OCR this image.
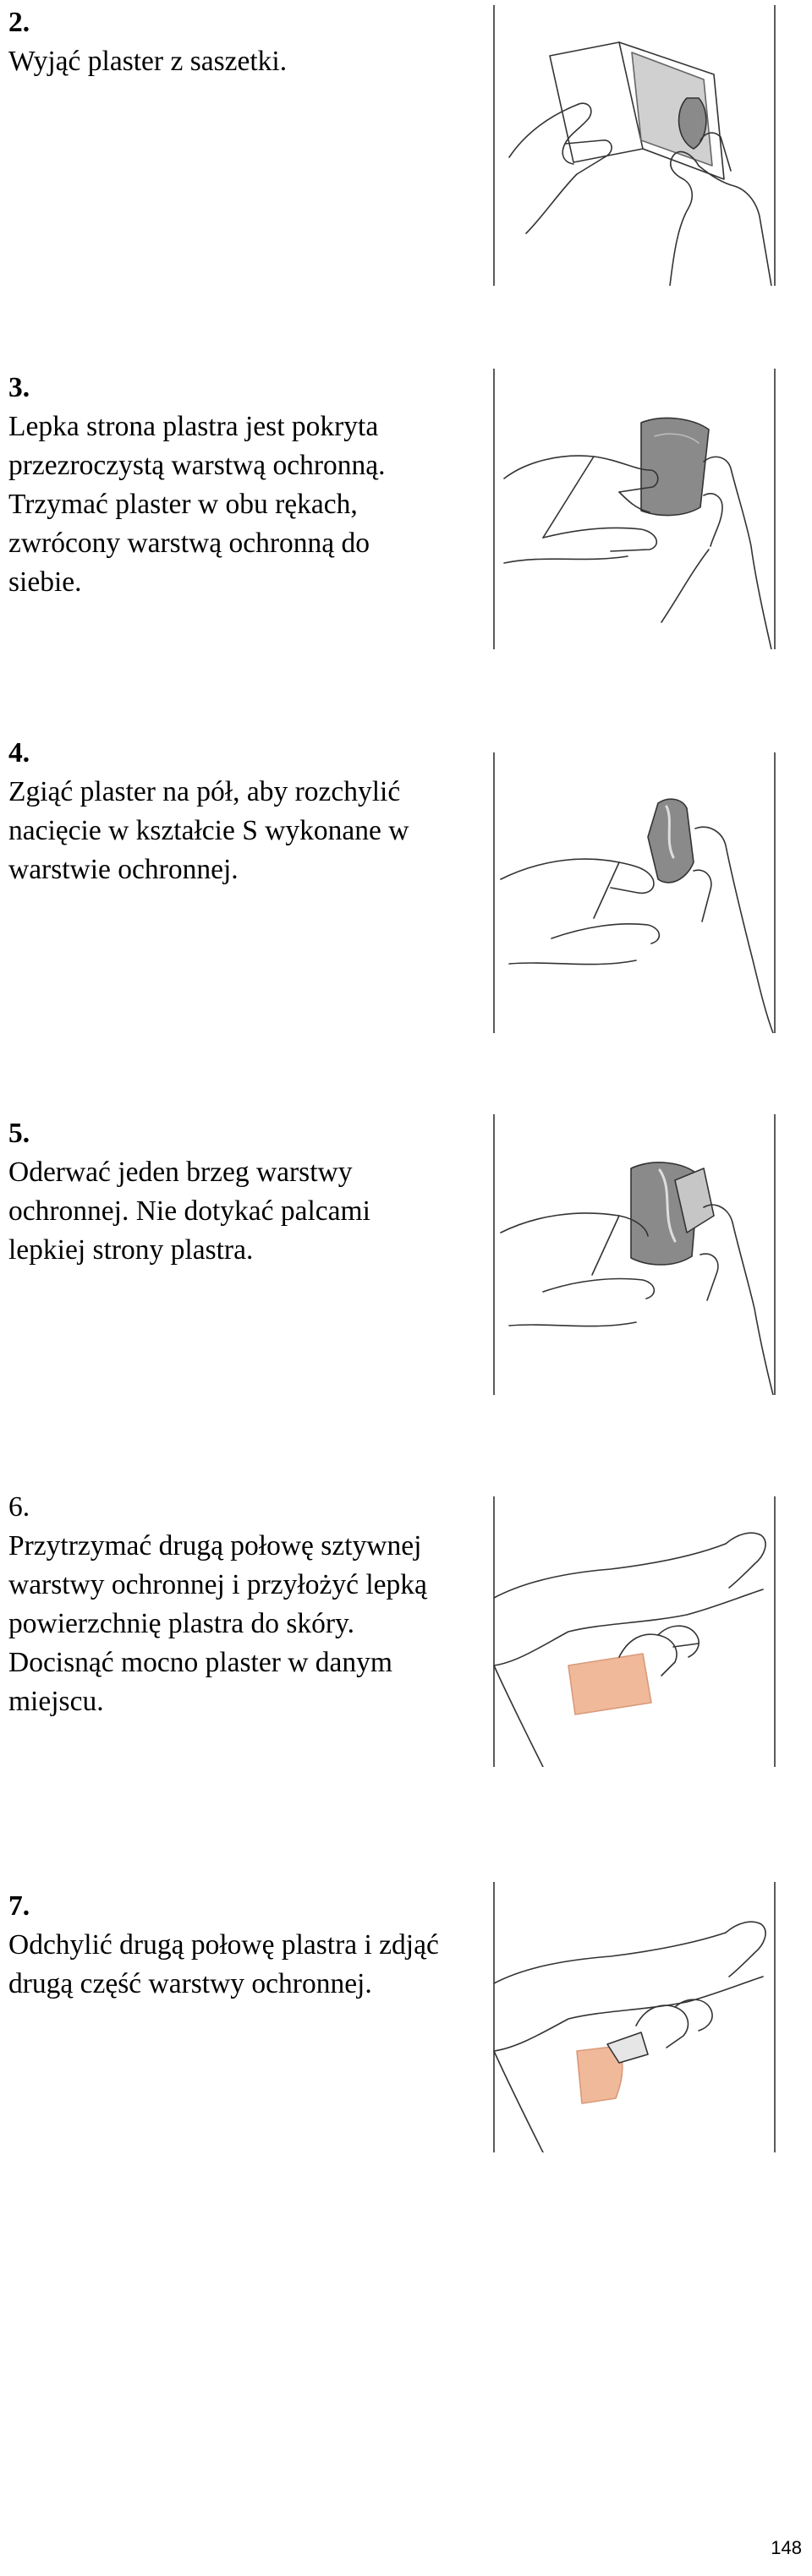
2.
Wyjąć plaster z saszetki.
3.
Lepka strona plastra jest pokryta przezroczystą warstwą ochronną. Trzymać plaster w obu rękach, zwrócony warstwą ochronną do siebie.
4.
Zgiąć plaster na pół, aby rozchylić nacięcie w kształcie S wykonane w warstwie ochronnej.
5.
Oderwać jeden brzeg warstwy ochronnej. Nie dotykać palcami lepkiej strony plastra.
6.
Przytrzymać drugą połowę sztywnej warstwy ochronnej i przyłożyć lepką powierzchnię plastra do skóry. Docisnąć mocno plaster w danym miejscu.
7.
Odchylić drugą połowę plastra i zdjąć drugą część warstwy ochronnej.
148
